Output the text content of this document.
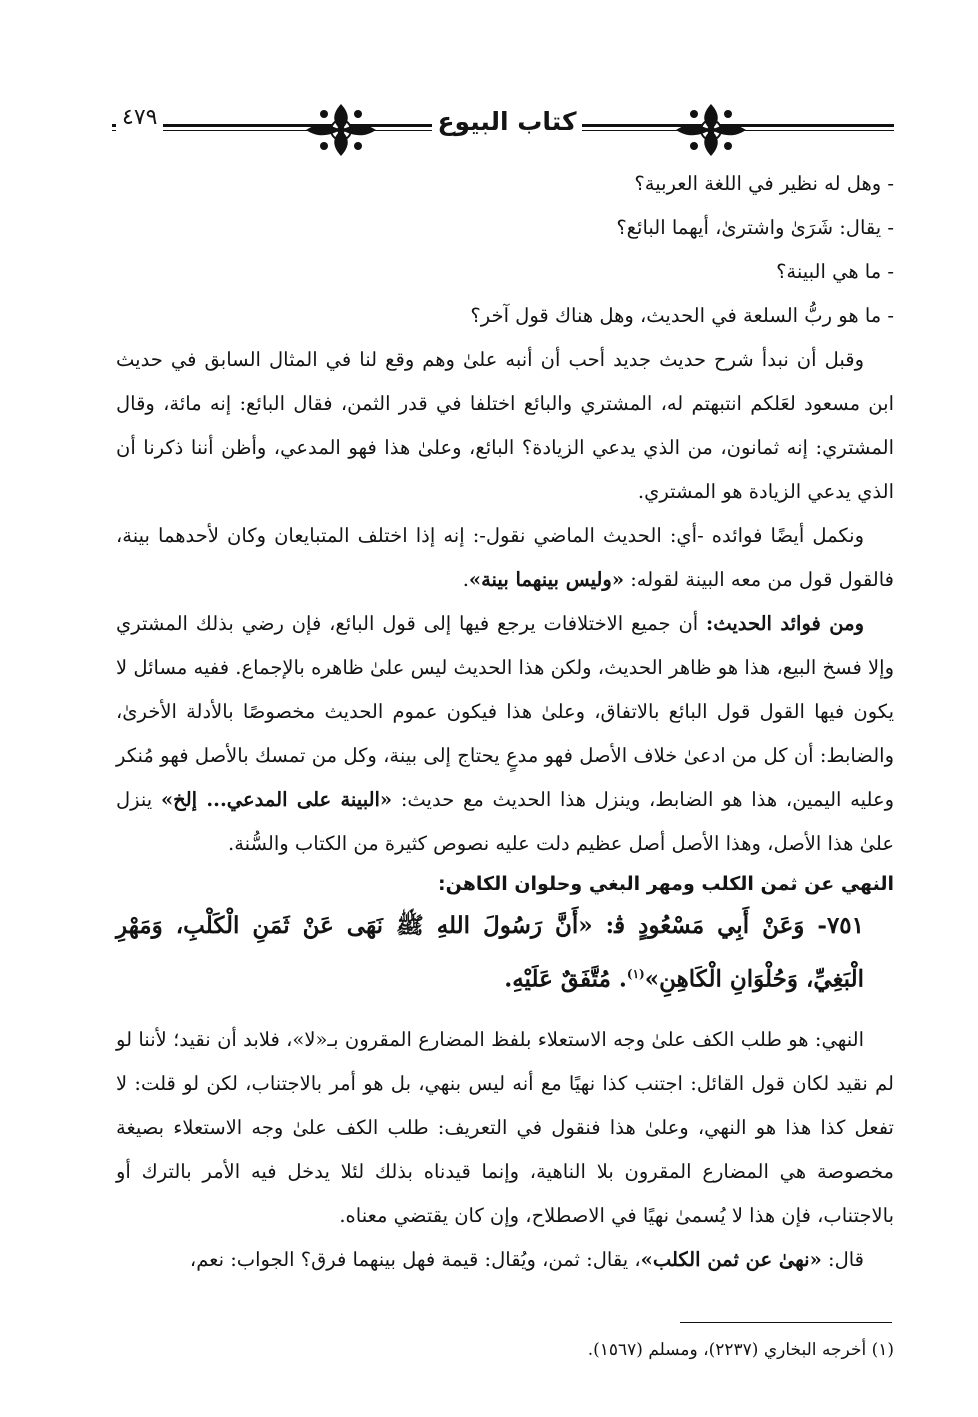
كتاب البيوع
٤٧٩

- وهل له نظير في اللغة العربية؟

- يقال: شَرَىٰ واشترىٰ، أيهما البائع؟

- ما هي البينة؟

- ما هو ربُّ السلعة في الحديث، وهل هناك قول آخر؟

وقبل أن نبدأ شرح حديث جديد أحب أن أنبه علىٰ وهم وقع لنا في المثال السابق في حديث ابن مسعود لعَلكم انتبهتم له، المشتري والبائع اختلفا في قدر الثمن، فقال البائع: إنه مائة، وقال المشتري: إنه ثمانون، من الذي يدعي الزيادة؟ البائع، وعلىٰ هذا فهو المدعي، وأظن أننا ذكرنا أن الذي يدعي الزيادة هو المشتري.

ونكمل أيضًا فوائده -أي: الحديث الماضي نقول-: إنه إذا اختلف المتبايعان وكان لأحدهما بينة، فالقول قول من معه البينة لقوله: «وليس بينهما بينة».

ومن فوائد الحديث: أن جميع الاختلافات يرجع فيها إلى قول البائع، فإن رضي بذلك المشتري وإلا فسخ البيع، هذا هو ظاهر الحديث، ولكن هذا الحديث ليس علىٰ ظاهره بالإجماع. ففيه مسائل لا يكون فيها القول قول البائع بالاتفاق، وعلىٰ هذا فيكون عموم الحديث مخصوصًا بالأدلة الأخرىٰ، والضابط: أن كل من ادعىٰ خلاف الأصل فهو مدعٍ يحتاج إلى بينة، وكل من تمسك بالأصل فهو مُنكر وعليه اليمين، هذا هو الضابط، وينزل هذا الحديث مع حديث: «البينة على المدعي... إلخ» ينزل علىٰ هذا الأصل، وهذا الأصل أصل عظيم دلت عليه نصوص كثيرة من الكتاب والسُّنة.

النهي عن ثمن الكلب ومهر البغي وحلوان الكاهن:

٧٥١- وَعَنْ أَبِي مَسْعُودٍ ﭬ: «أَنَّ رَسُولَ اللهِ ﷺ نَهَى عَنْ ثَمَنِ الْكَلْبِ، وَمَهْرِ الْبَغِيِّ، وَحُلْوَانِ الْكَاهِنِ»$^{(١)}$. مُتَّفَقٌ عَلَيْهِ.

النهي: هو طلب الكف علىٰ وجه الاستعلاء بلفظ المضارع المقرون بـ«لا»، فلابد أن نقيد؛ لأننا لو لم نقيد لكان قول القائل: اجتنب كذا نهيًا مع أنه ليس بنهي، بل هو أمر بالاجتناب، لكن لو قلت: لا تفعل كذا هذا هو النهي، وعلىٰ هذا فنقول في التعريف: طلب الكف علىٰ وجه الاستعلاء بصيغة مخصوصة هي المضارع المقرون بلا الناهية، وإنما قيدناه بذلك لئلا يدخل فيه الأمر بالترك أو بالاجتناب، فإن هذا لا يُسمىٰ نهيًا في الاصطلاح، وإن كان يقتضي معناه.

قال: «نهىٰ عن ثمن الكلب»، يقال: ثمن، ويُقال: قيمة فهل بينهما فرق؟ الجواب: نعم،

(١) أخرجه البخاري (٢٢٣٧)، ومسلم (١٥٦٧).
